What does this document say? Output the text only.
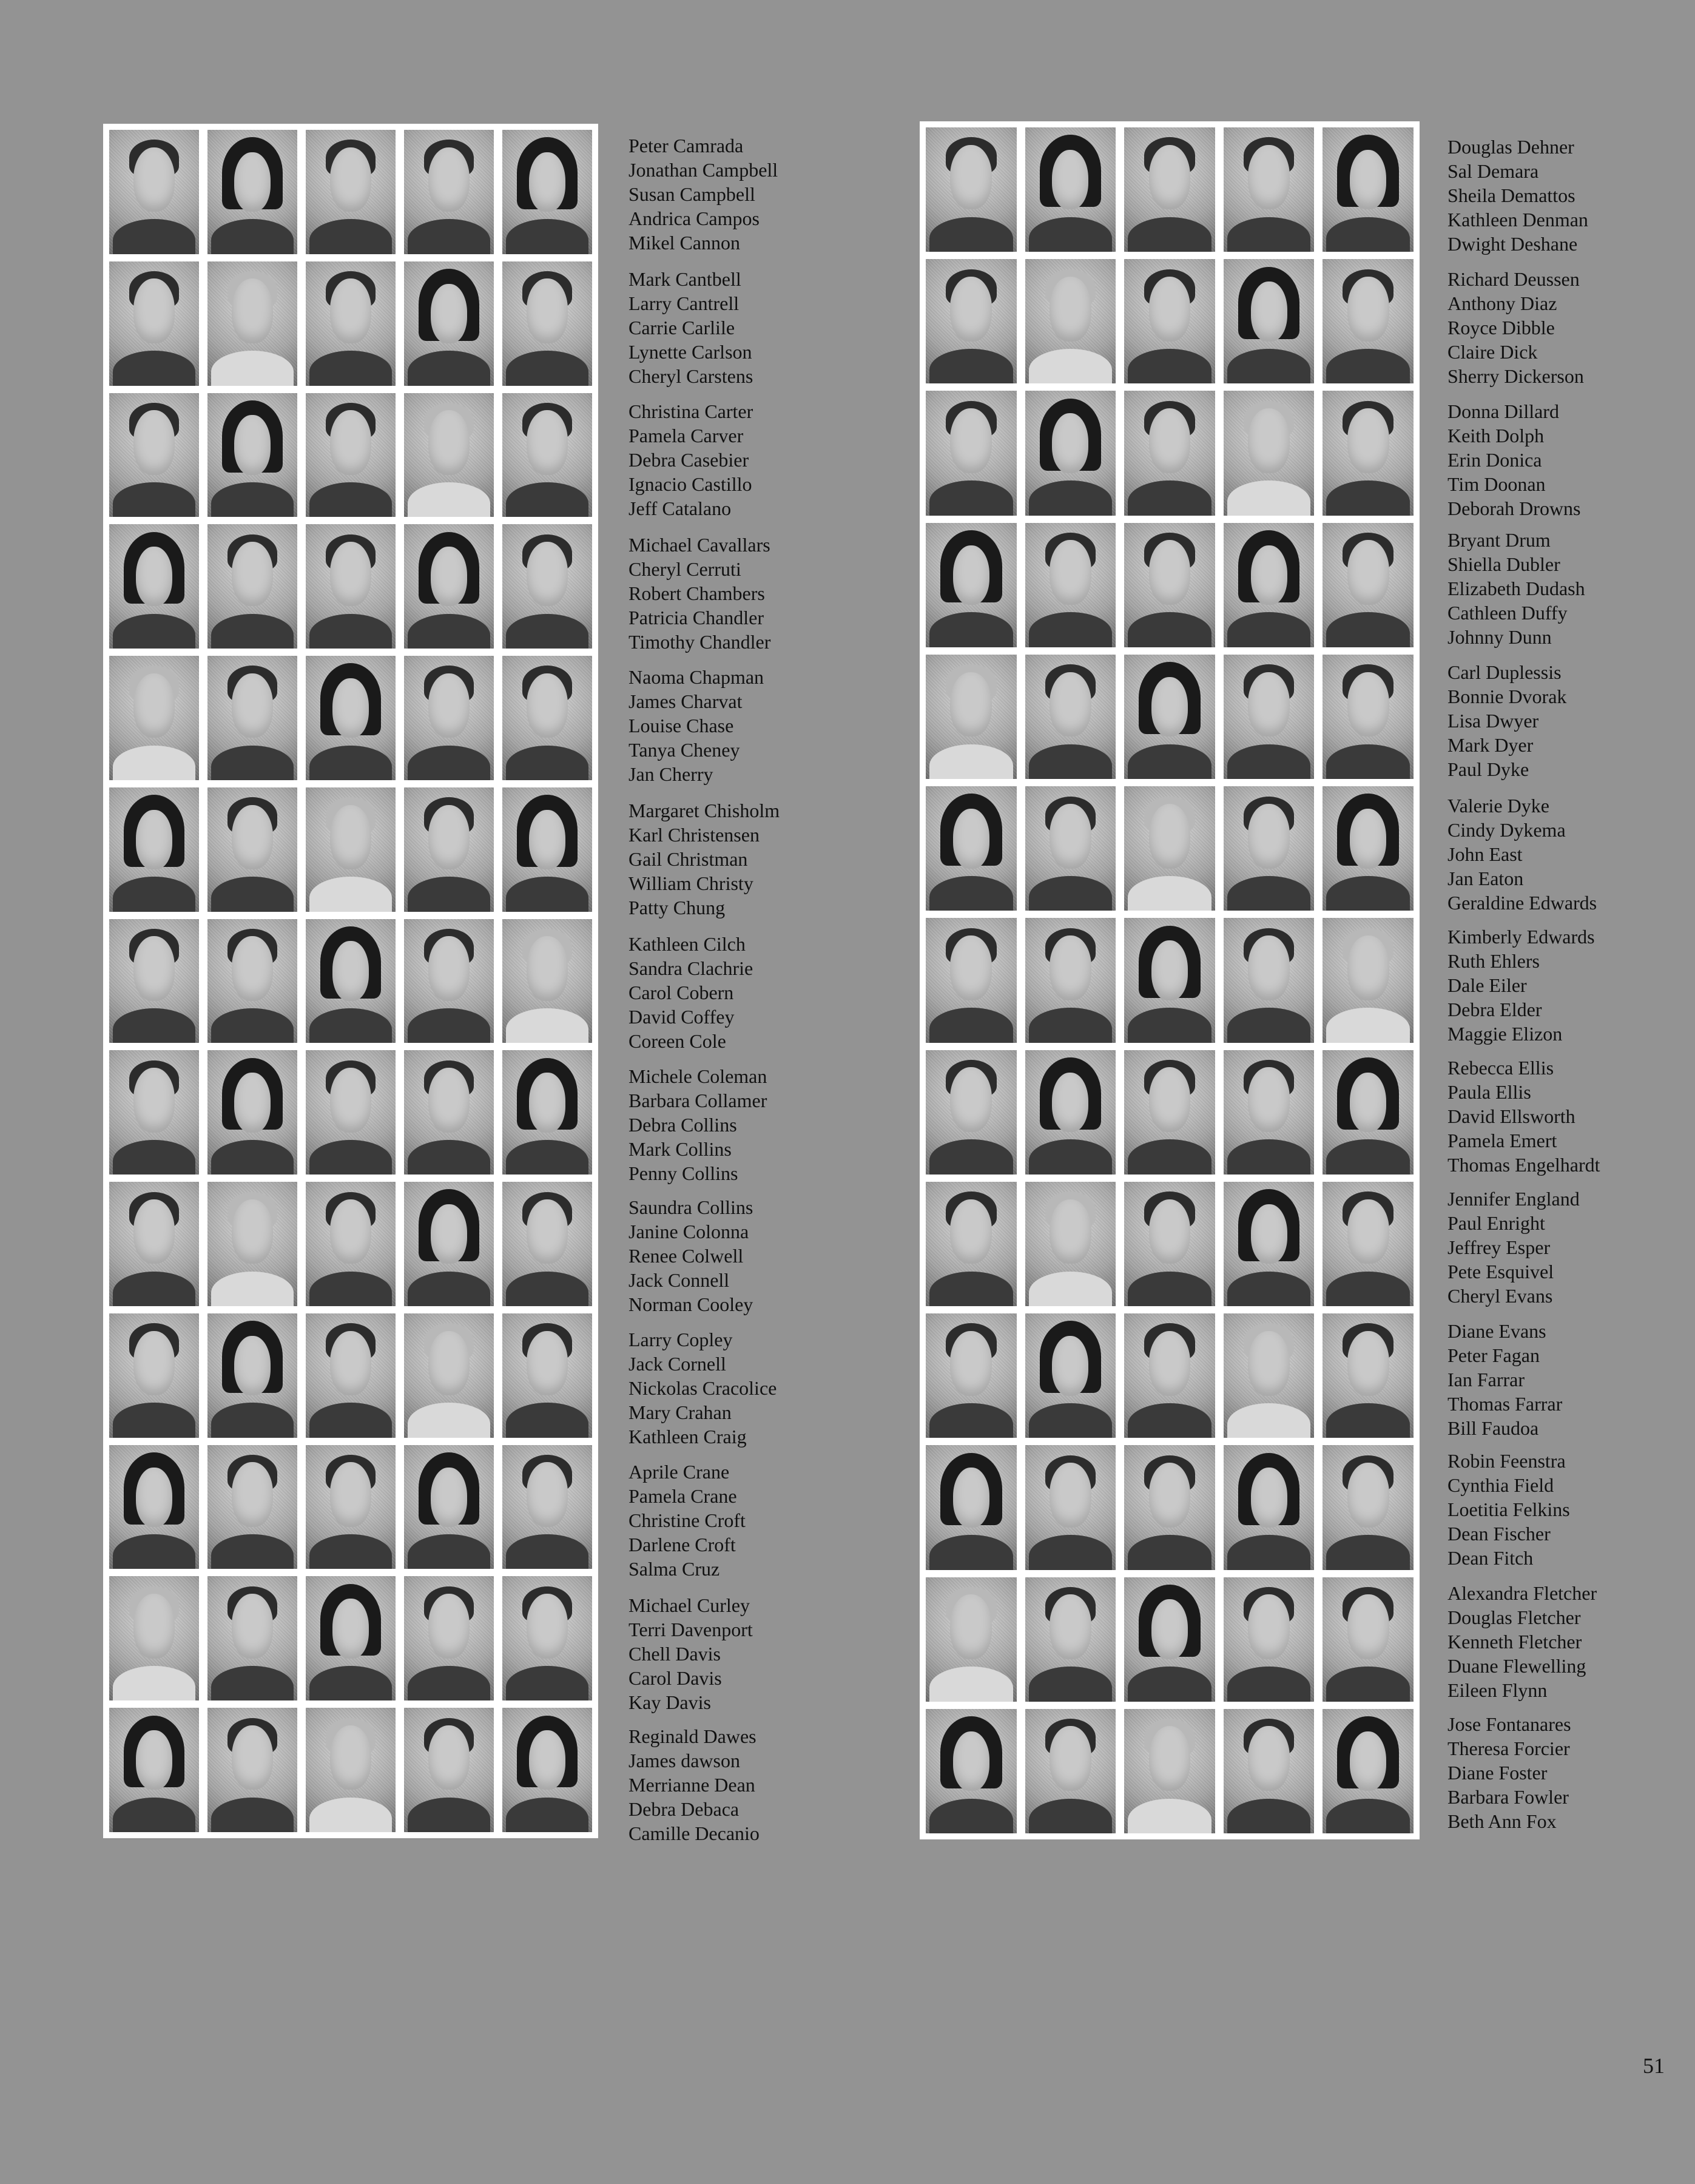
Peter Camrada
Jonathan Campbell
Susan Campbell
Andrica Campos
Mikel Cannon
Mark Cantbell
Larry Cantrell
Carrie Carlile
Lynette Carlson
Cheryl Carstens
Christina Carter
Pamela Carver
Debra Casebier
Ignacio Castillo
Jeff Catalano
Michael Cavallars
Cheryl Cerruti
Robert Chambers
Patricia Chandler
Timothy Chandler
Naoma Chapman
James Charvat
Louise Chase
Tanya Cheney
Jan Cherry
Margaret Chisholm
Karl Christensen
Gail Christman
William Christy
Patty Chung
Kathleen Cilch
Sandra Clachrie
Carol Cobern
David Coffey
Coreen Cole
Michele Coleman
Barbara Collamer
Debra Collins
Mark Collins
Penny Collins
Saundra Collins
Janine Colonna
Renee Colwell
Jack Connell
Norman Cooley
Larry Copley
Jack Cornell
Nickolas Cracolice
Mary Crahan
Kathleen Craig
Aprile Crane
Pamela Crane
Christine Croft
Darlene Croft
Salma Cruz
Michael Curley
Terri Davenport
Chell Davis
Carol Davis
Kay Davis
Reginald Dawes
James dawson
Merrianne Dean
Debra Debaca
Camille Decanio
Douglas Dehner
Sal Demara
Sheila Demattos
Kathleen Denman
Dwight Deshane
Richard Deussen
Anthony Diaz
Royce Dibble
Claire Dick
Sherry Dickerson
Donna Dillard
Keith Dolph
Erin Donica
Tim Doonan
Deborah Drowns
Bryant Drum
Shiella Dubler
Elizabeth Dudash
Cathleen Duffy
Johnny Dunn
Carl Duplessis
Bonnie Dvorak
Lisa Dwyer
Mark Dyer
Paul Dyke
Valerie Dyke
Cindy Dykema
John East
Jan Eaton
Geraldine Edwards
Kimberly Edwards
Ruth Ehlers
Dale Eiler
Debra Elder
Maggie Elizon
Rebecca Ellis
Paula Ellis
David Ellsworth
Pamela Emert
Thomas Engelhardt
Jennifer England
Paul Enright
Jeffrey Esper
Pete Esquivel
Cheryl Evans
Diane Evans
Peter Fagan
Ian Farrar
Thomas Farrar
Bill Faudoa
Robin Feenstra
Cynthia Field
Loetitia Felkins
Dean Fischer
Dean Fitch
Alexandra Fletcher
Douglas Fletcher
Kenneth Fletcher
Duane Flewelling
Eileen Flynn
Jose Fontanares
Theresa Forcier
Diane Foster
Barbara Fowler
Beth Ann Fox
51
